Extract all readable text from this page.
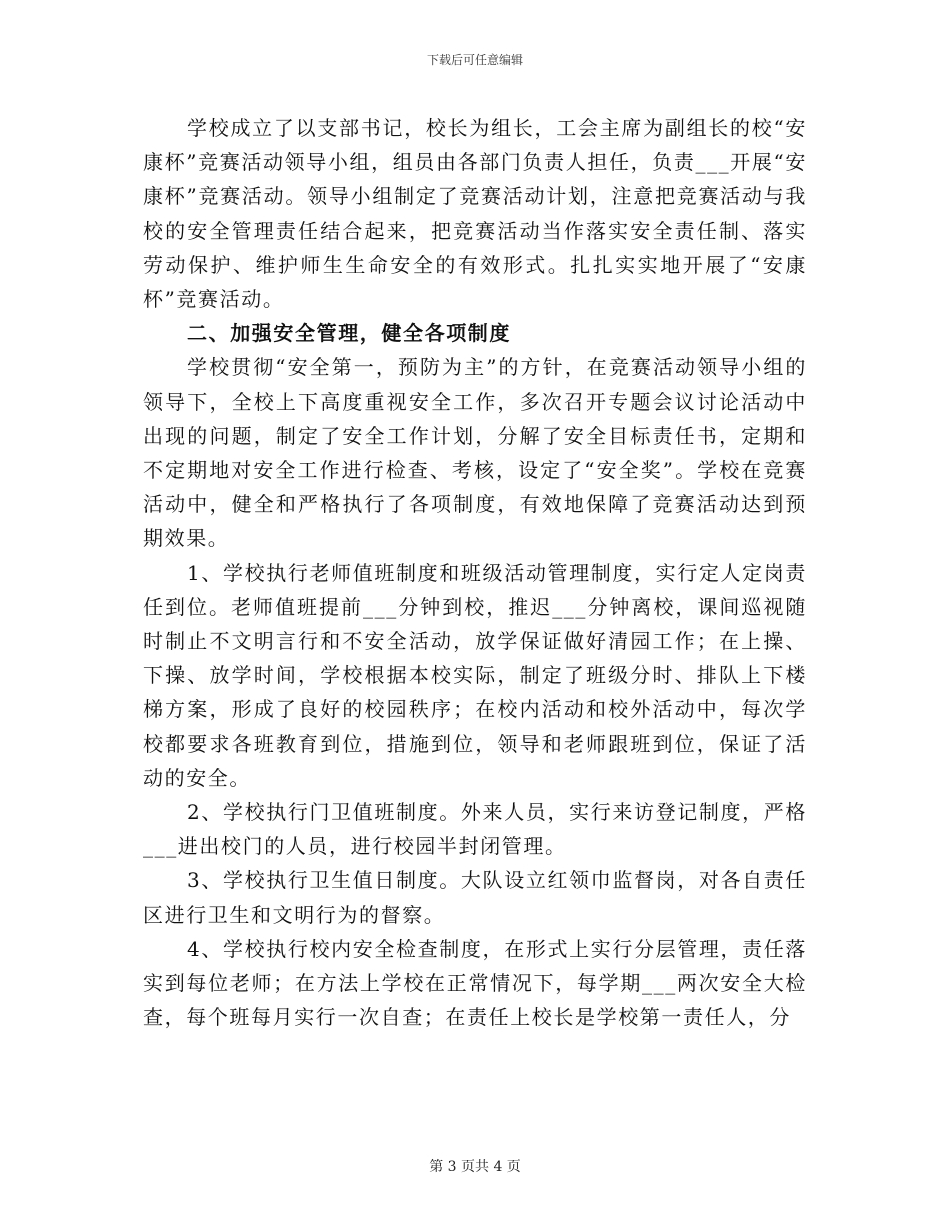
下载后可任意编辑

学校成立了以支部书记，校长为组长，工会主席为副组长的校“安康杯”竞赛活动领导小组，组员由各部门负责人担任，负责___开展“安康杯”竞赛活动。领导小组制定了竞赛活动计划，注意把竞赛活动与我校的安全管理责任结合起来，把竞赛活动当作落实安全责任制、落实劳动保护、维护师生生命安全的有效形式。扎扎实实地开展了“安康杯”竞赛活动。

二、加强安全管理，健全各项制度

学校贯彻“安全第一，预防为主”的方针，在竞赛活动领导小组的领导下，全校上下高度重视安全工作，多次召开专题会议讨论活动中出现的问题，制定了安全工作计划，分解了安全目标责任书，定期和不定期地对安全工作进行检查、考核，设定了“安全奖”。学校在竞赛活动中，健全和严格执行了各项制度，有效地保障了竞赛活动达到预期效果。

1、学校执行老师值班制度和班级活动管理制度，实行定人定岗责任到位。老师值班提前___分钟到校，推迟___分钟离校，课间巡视随时制止不文明言行和不安全活动，放学保证做好清园工作；在上操、下操、放学时间，学校根据本校实际，制定了班级分时、排队上下楼梯方案，形成了良好的校园秩序；在校内活动和校外活动中，每次学校都要求各班教育到位，措施到位，领导和老师跟班到位，保证了活动的安全。

2、学校执行门卫值班制度。外来人员，实行来访登记制度，严格___进出校门的人员，进行校园半封闭管理。

3、学校执行卫生值日制度。大队设立红领巾监督岗，对各自责任区进行卫生和文明行为的督察。

4、学校执行校内安全检查制度，在形式上实行分层管理，责任落实到每位老师；在方法上学校在正常情况下，每学期___两次安全大检查，每个班每月实行一次自查；在责任上校长是学校第一责任人，分

第 3 页共 4 页
